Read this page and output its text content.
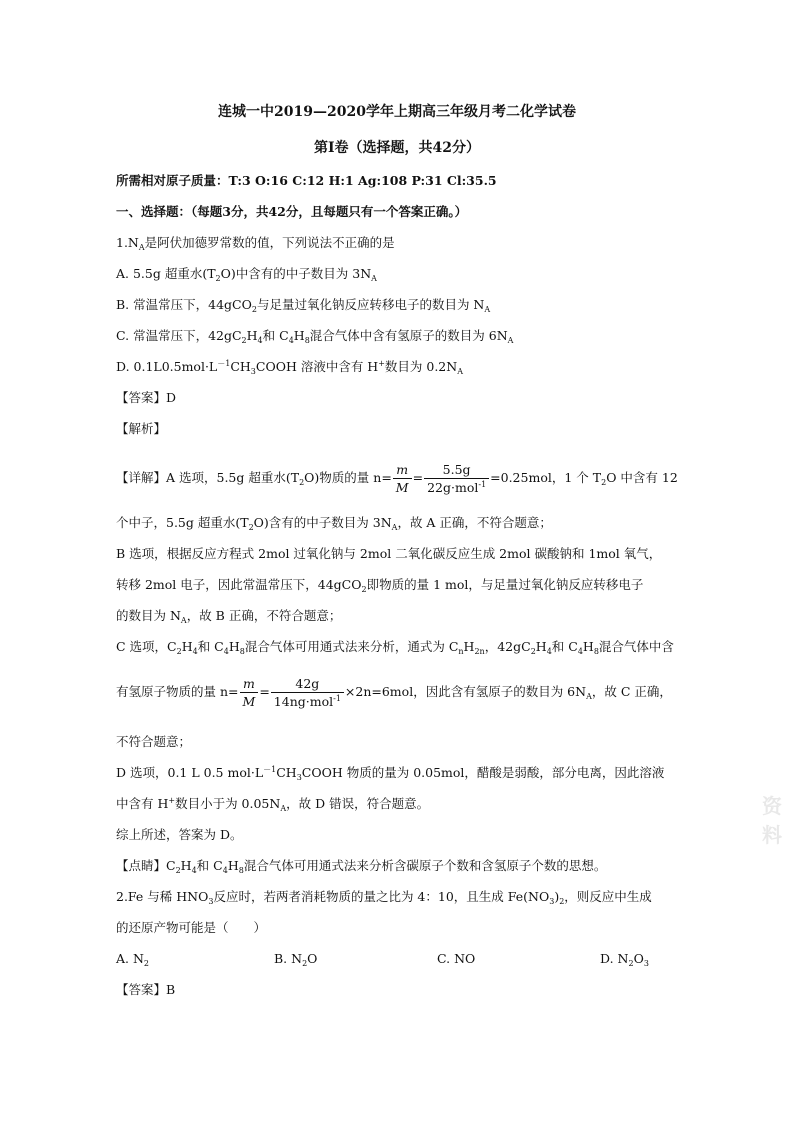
连城一中2019—2020学年上期高三年级月考二化学试卷
第Ⅰ卷（选择题，共42分）
所需相对原子质量：T:3 O:16 C:12 H:1 Ag:108 P:31 Cl:35.5
一、选择题：（每题3分，共42分，且每题只有一个答案正确。）
$1.N_A$是阿伏加德罗常数的值，下列说法不正确的是
A. 5.5g 超重水$(T_2O)$中含有的中子数目为 $3N_A$
B. 常温常压下，44gCO$_2$与足量过氧化钠反应转移电子的数目为 $N_A$
C. 常温常压下，$42gC_2H_4$和 $C_4H_8$混合气体中含有氢原子的数目为 $6N_A$
D. $0.1L0.5mol\cdot L^{-1}CH_3COOH$ 溶液中含有 H+数目为 $0.2N_A$
【答案】D
【解析】
【详解】A 选项，5.5g 超重水$(T_2O)$物质的量 $n= \frac{m}{M} = \frac{5.5g}{22g\cdot mol^{-1}} =0.25mol$，1 个 $T_2O$ 中含有 12
个中子，5.5g 超重水$(T_2O)$含有的中子数目为 $3N_A$，故 A 正确，不符合题意；
B 选项，根据反应方程式 2mol 过氧化钠与 2mol 二氧化碳反应生成 2mol 碳酸钠和 1mol 氧气，
转移 2mol 电子，因此常温常压下，44gCO$_2$即物质的量 1 mol，与足量过氧化钠反应转移电子
的数目为 $N_A$，故 B 正确，不符合题意；
C 选项，$C_2H_4$和 $C_4H_8$混合气体可用通式法来分析，通式为 $C_nH_{2n}$，$42gC_2H_4$和 $C_4H_8$混合气体中含
有氢原子物质的量 $n= \frac{m}{M} = \frac{42g}{14ng\cdot mol^{-1}} \times 2n=6mol$，因此含有氢原子的数目为 $6N_A$，故 C 正确，
不符合题意；
D 选项，0.1 L 0.5 $mol\cdot L^{-1}CH_3COOH$ 物质的量为 0.05mol，醋酸是弱酸，部分电离，因此溶液
中含有 H+数目小于为 $0.05N_A$，故 D 错误，符合题意。
综上所述，答案为 D。
【点睛】$C_2H_4$和 $C_4H_8$混合气体可用通式法来分析含碳原子个数和含氢原子个数的思想。
2.Fe 与稀 $HNO_3$反应时，若两者消耗物质的量之比为 4：10，且生成 $Fe(NO_3)_2$，则反应中生成
的还原产物可能是（　　）
A. $N_2$	B. $N_2O$	C. NO	D. $N_2O_3$
【答案】B
资料
